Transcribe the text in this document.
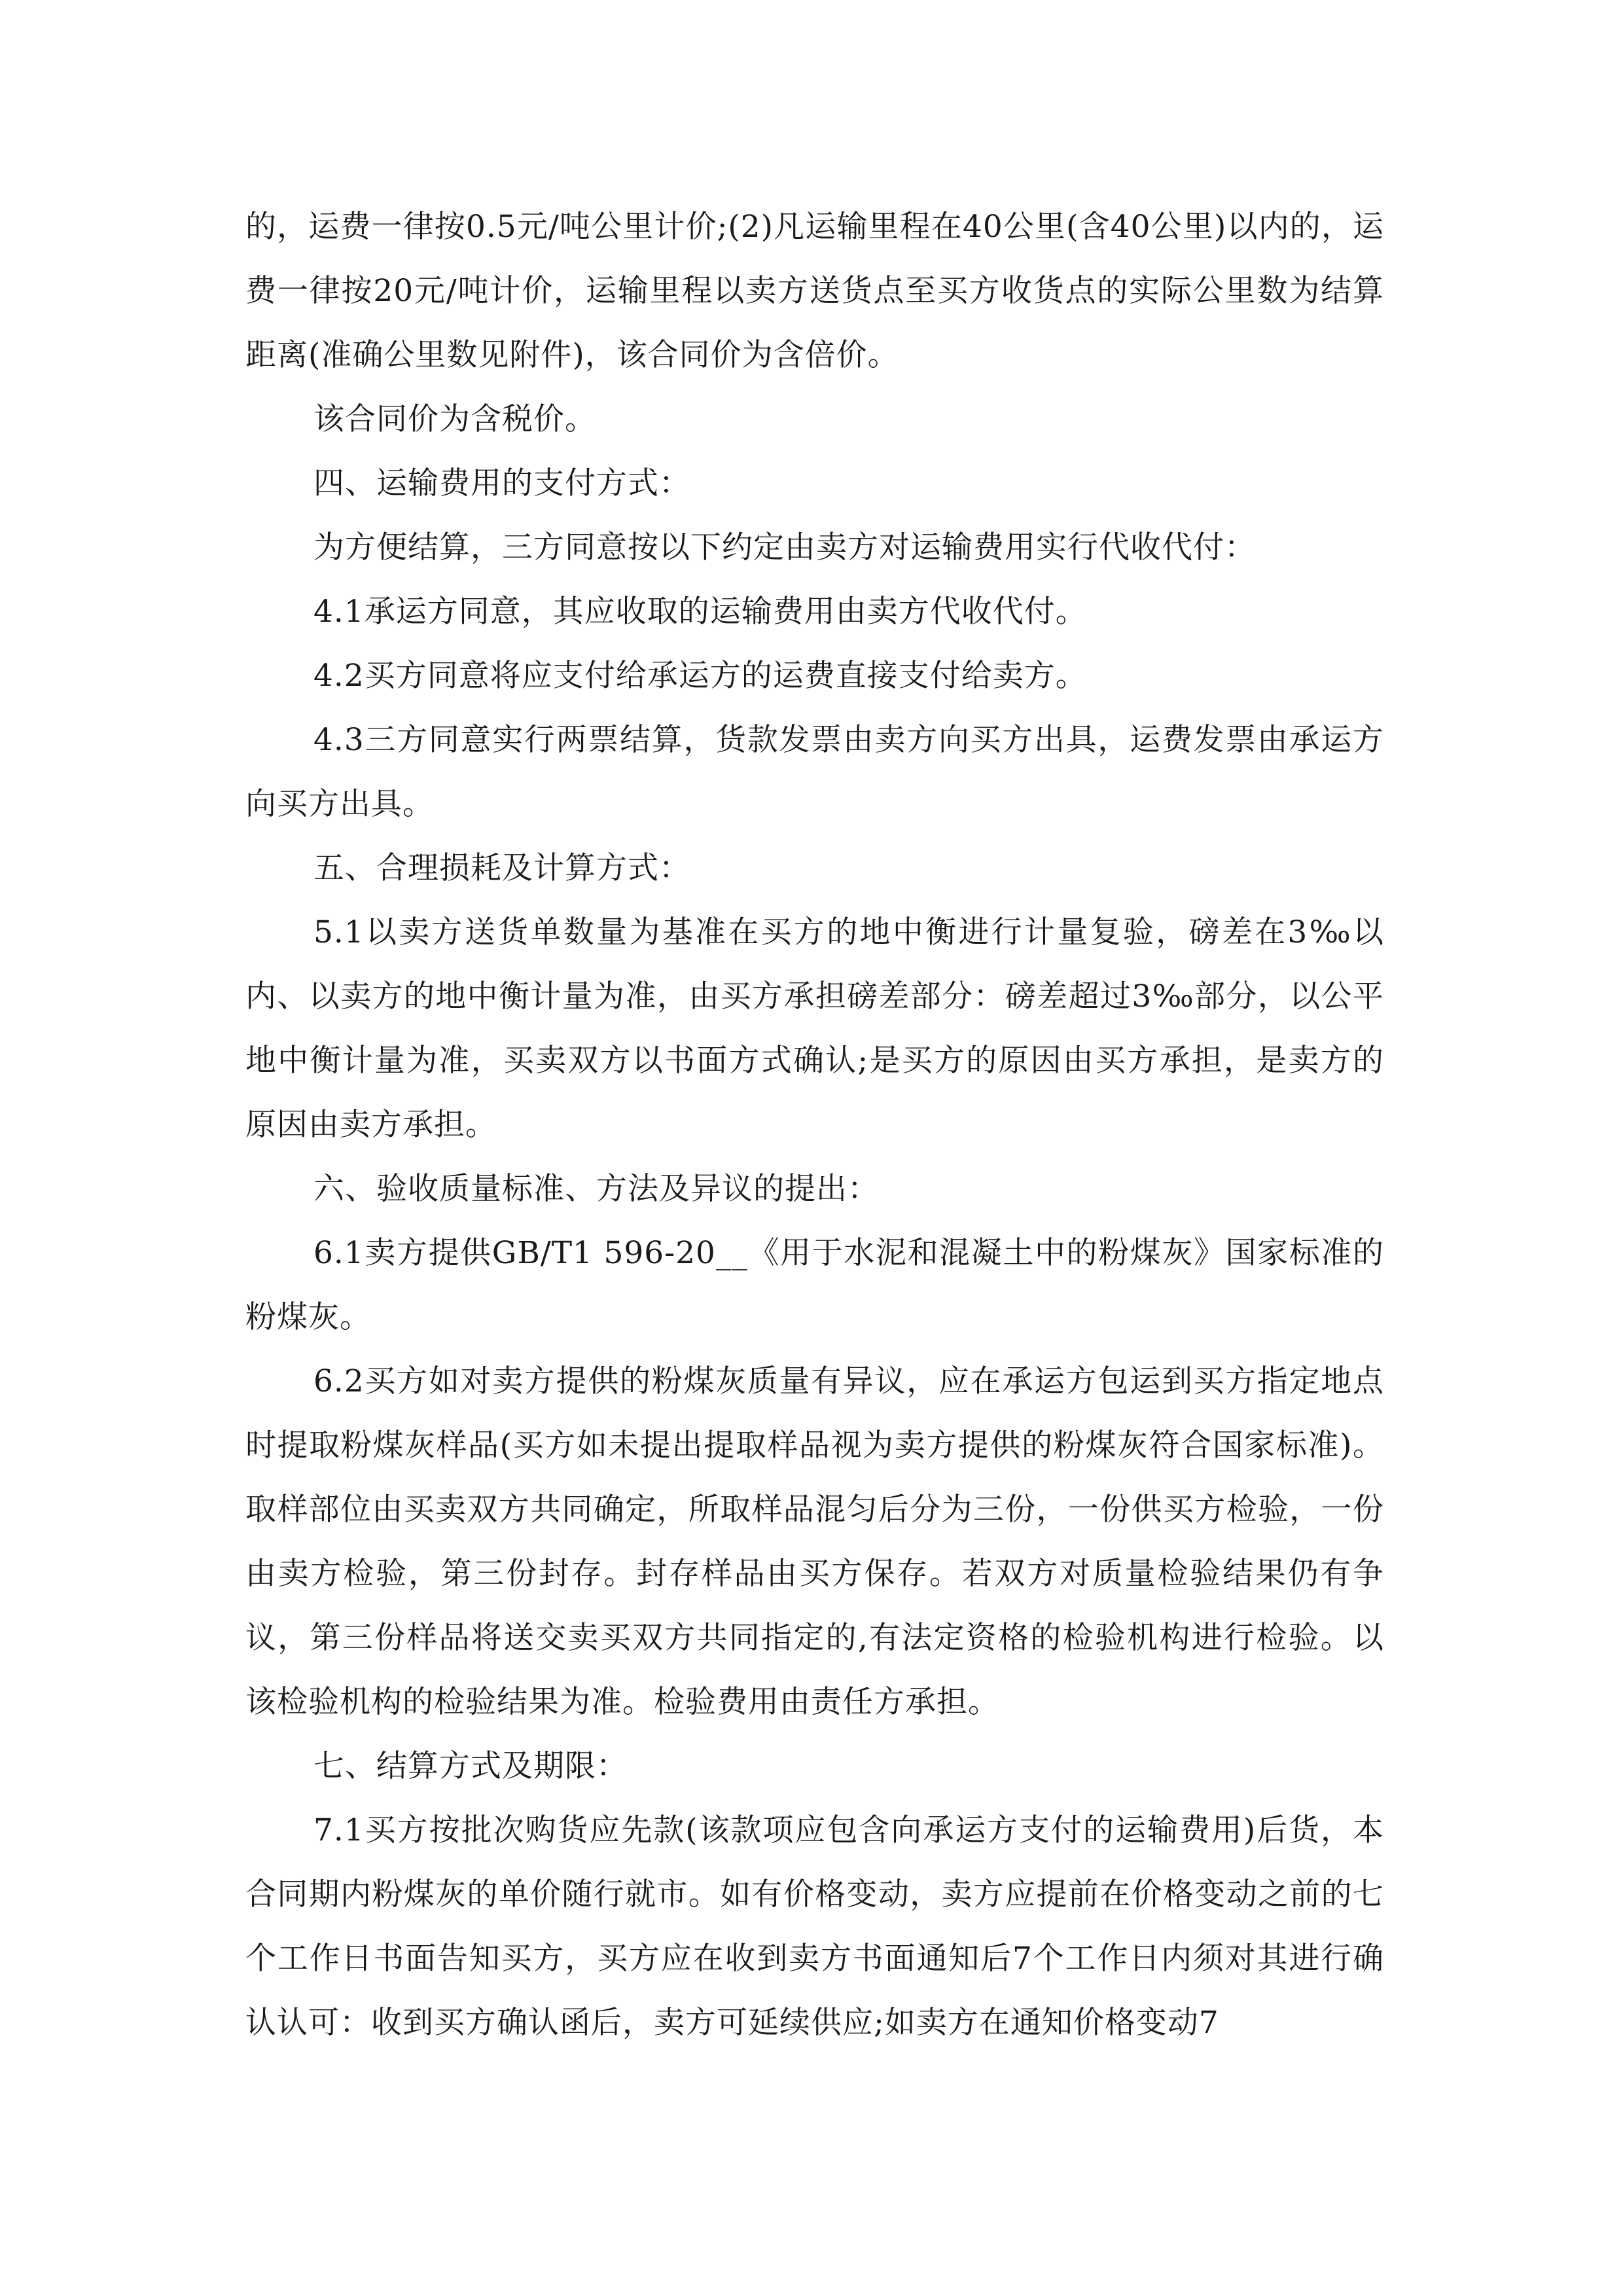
的，运费一律按0.5元/吨公里计价;(2)凡运输里程在40公里(含40公里)以内的，运费一律按20元/吨计价，运输里程以卖方送货点至买方收货点的实际公里数为结算距离(准确公里数见附件)，该合同价为含倍价。

该合同价为含税价。

四、运输费用的支付方式：

为方便结算，三方同意按以下约定由卖方对运输费用实行代收代付：

4.1承运方同意，其应收取的运输费用由卖方代收代付。

4.2买方同意将应支付给承运方的运费直接支付给卖方。

4.3三方同意实行两票结算，货款发票由卖方向买方出具，运费发票由承运方向买方出具。

五、合理损耗及计算方式：

5.1以卖方送货单数量为基准在买方的地中衡进行计量复验，磅差在3‰以内、以卖方的地中衡计量为准，由买方承担磅差部分：磅差超过3‰部分，以公平地中衡计量为准，买卖双方以书面方式确认;是买方的原因由买方承担，是卖方的原因由卖方承担。

六、验收质量标准、方法及异议的提出：

6.1卖方提供GB/T1 596-20__《用于水泥和混凝土中的粉煤灰》国家标准的粉煤灰。

6.2买方如对卖方提供的粉煤灰质量有异议，应在承运方包运到买方指定地点时提取粉煤灰样品(买方如未提出提取样品视为卖方提供的粉煤灰符合国家标准)。取样部位由买卖双方共同确定，所取样品混匀后分为三份，一份供买方检验，一份由卖方检验，第三份封存。封存样品由买方保存。若双方对质量检验结果仍有争议，第三份样品将送交卖买双方共同指定的,有法定资格的检验机构进行检验。以该检验机构的检验结果为准。检验费用由责任方承担。

七、结算方式及期限：

7.1买方按批次购货应先款(该款项应包含向承运方支付的运输费用)后货，本合同期内粉煤灰的单价随行就市。如有价格变动，卖方应提前在价格变动之前的七个工作日书面告知买方，买方应在收到卖方书面通知后7个工作日内须对其进行确认认可：收到买方确认函后，卖方可延续供应;如卖方在通知价格变动7
